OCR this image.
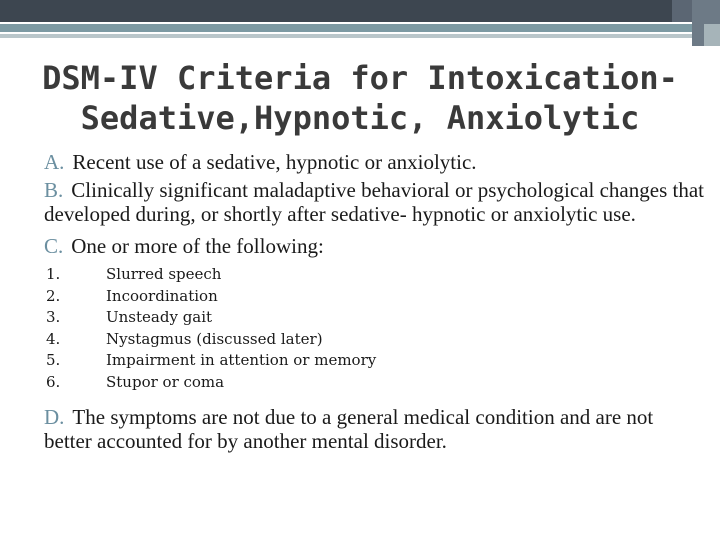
DSM-IV Criteria for Intoxication-
Sedative,Hypnotic, Anxiolytic

A. Recent use of a sedative, hypnotic or anxiolytic.

B. Clinically significant maladaptive behavioral or psychological changes that developed during, or shortly after sedative- hypnotic or anxiolytic use.

C. One or more of the following:

1.	Slurred speech
2.	Incoordination
3.	Unsteady gait
4.	Nystagmus (discussed later)
5.	Impairment in attention or memory
6.	Stupor or coma

D. The symptoms are not due to a general medical condition and are not better accounted for by another mental disorder.
